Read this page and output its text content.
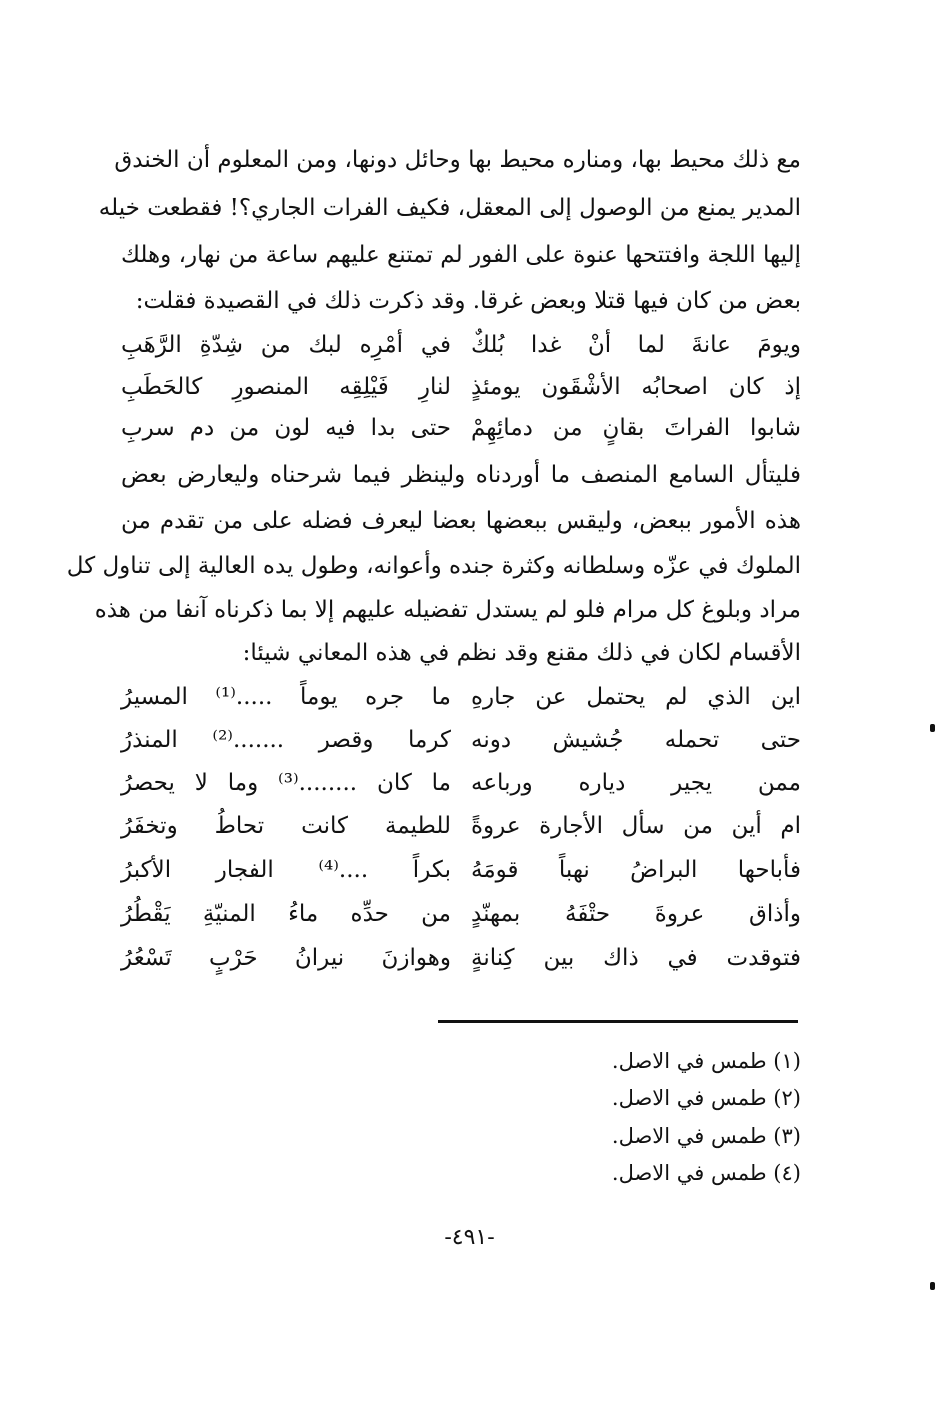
مع ذلك محيط بها، ومناره محيط بها وحائل دونها، ومن المعلوم أن الخندق
المدير يمنع من الوصول إلى المعقل، فكيف الفرات الجاري؟! فقطعت خيله
إليها اللجة وافتتحها عنوة على الفور لم تمتنع عليهم ساعة من نهار، وهلك
بعض من كان فيها قتلا وبعض غرقا. وقد ذكرت ذلك في القصيدة فقلت:
ويومَ عانةَ لما أنْ غدا بُلكٌ
في أمْرِه لبك من شِدّةِ الرَّهَبِ
إذ كان اصحابُه الأشْقَون يومئذٍ
لنارِ فَيْلِقِه المنصورِ كالحَطَبِ
شابوا الفراتَ بقانٍ من دمائِهِمْ
حتى بدا فيه لون من دم سربِ
فليتأل السامع المنصف ما أوردناه ولينظر فيما شرحناه وليعارض بعض
هذه الأمور ببعض، وليقس ببعضها بعضا ليعرف فضله على من تقدم من
الملوك في عزّه وسلطانه وكثرة جنده وأعوانه، وطول يده العالية إلى تناول كل
مراد وبلوغ كل مرام فلو لم يستدل تفضيله عليهم إلا بما ذكرناه آنفا من هذه
الأقسام لكان في ذلك مقنع وقد نظم في هذه المعاني شيئا:
اين الذي لم يحتمل عن جارهِ
ما جره يوماً .....⁽¹⁾ المسيرُ
حتى تحمله جُشيش دونه
كرما وقصر .......⁽²⁾ المنذرُ
ممن يجير دياره ورباعه
ما كان ........⁽³⁾ وما لا يحصرُ
ام أين من سأل الأجارة عروةً
للطيمة كانت تحاطُ وتخفَرُ
فأباحها البراضُ نهباً قومَهُ
بكراً ....⁽⁴⁾ الفجار الأكبرُ
وأذاق عروةَ حتْفَهُ بمهنّدٍ
من حدِّه ماءُ المنيّةِ يَقْطُرُ
فتوقدت في ذاك بين كِنانةٍ
وهوازنَ نيرانُ حَرْبٍ تَسْعُرُ
(١) طمس في الاصل.
(٢) طمس في الاصل.
(٣) طمس في الاصل.
(٤) طمس في الاصل.
-٤٩١-
